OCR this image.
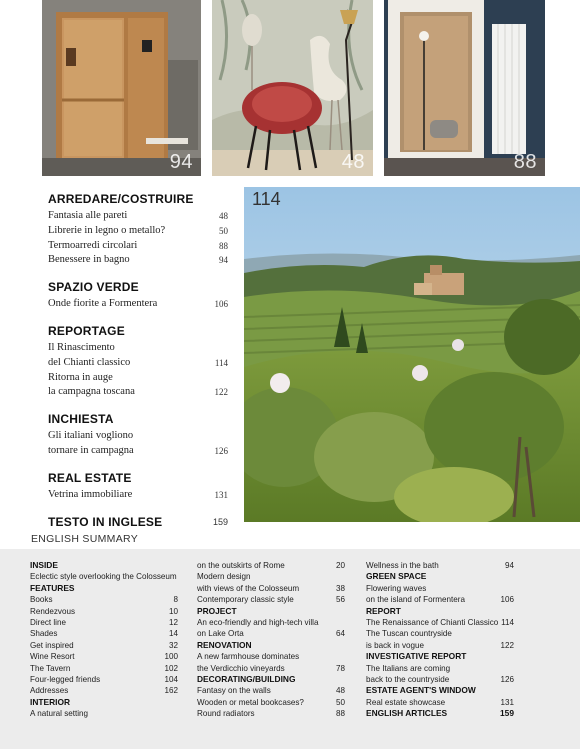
94	48	88
ARREDARE/COSTRUIRE
Fantasia alle pareti	48
Librerie in legno o metallo?	50
Termoarredi circolari	88
Benessere in bagno	94
SPAZIO VERDE
Onde fiorite a Formentera	106
REPORTAGE
Il Rinascimento
del Chianti classico	114
Ritorna in auge
la campagna toscana	122
INCHIESTA
Gli italiani vogliono
tornare in campagna	126
REAL ESTATE
Vetrina immobiliare	131
TESTO IN INGLESE	159
114
ENGLISH SUMMARY
INSIDE
Eclectic style overlooking the Colosseum
FEATURES
Books	8
Rendezvous	10
Direct line	12
Shades	14
Get inspired	32
Wine Resort	100
The Tavern	102
Four-legged friends	104
Addresses	162
INTERIOR
A natural setting
on the outskirts of Rome	20
Modern design
with views of the Colosseum	38
Contemporary classic style	56
PROJECT
An eco-friendly and high-tech villa
on Lake Orta	64
RENOVATION
A new farmhouse dominates
the Verdicchio vineyards	78
DECORATING/BUILDING
Fantasy on the walls	48
Wooden or metal bookcases?	50
Round radiators	88
Wellness in the bath	94
GREEN SPACE
Flowering waves
on the island of Formentera	106
REPORT
The Renaissance of Chianti Classico 114
The Tuscan countryside
is back in vogue	122
INVESTIGATIVE REPORT
The Italians are coming
back to the countryside	126
ESTATE AGENT'S WINDOW
Real estate showcase	131
ENGLISH ARTICLES	159
